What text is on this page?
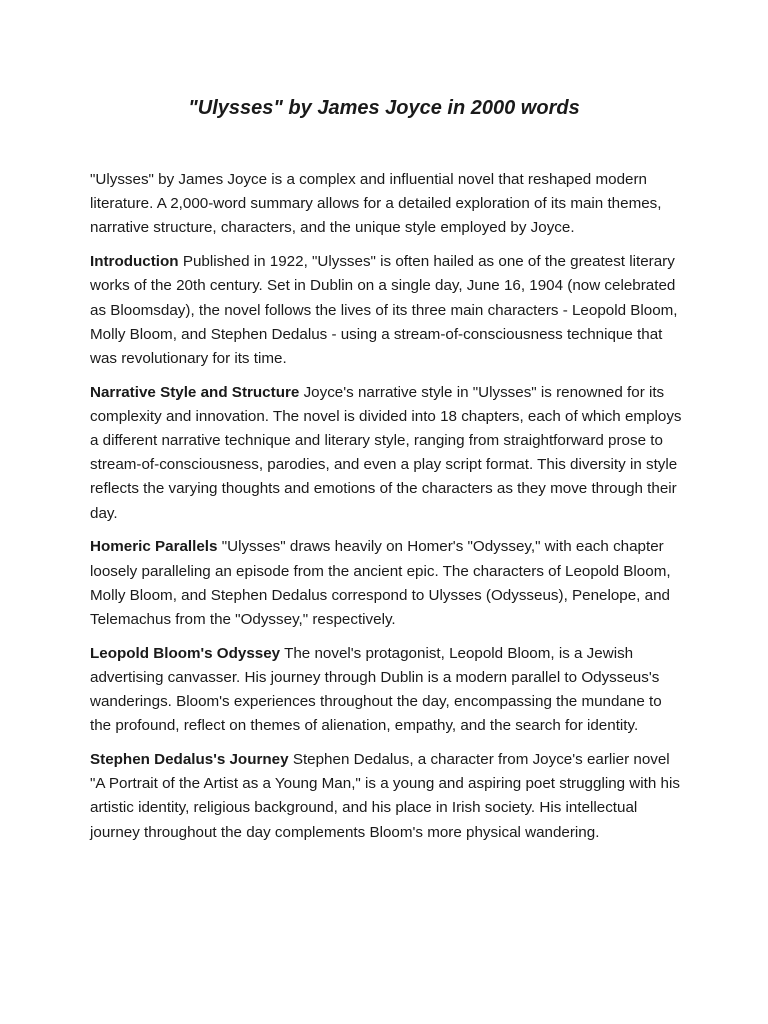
"Ulysses" by James Joyce in 2000 words

"Ulysses" by James Joyce is a complex and influential novel that reshaped modern literature. A 2,000-word summary allows for a detailed exploration of its main themes, narrative structure, characters, and the unique style employed by Joyce.

Introduction Published in 1922, "Ulysses" is often hailed as one of the greatest literary works of the 20th century. Set in Dublin on a single day, June 16, 1904 (now celebrated as Bloomsday), the novel follows the lives of its three main characters - Leopold Bloom, Molly Bloom, and Stephen Dedalus - using a stream-of-consciousness technique that was revolutionary for its time.

Narrative Style and Structure Joyce's narrative style in "Ulysses" is renowned for its complexity and innovation. The novel is divided into 18 chapters, each of which employs a different narrative technique and literary style, ranging from straightforward prose to stream-of-consciousness, parodies, and even a play script format. This diversity in style reflects the varying thoughts and emotions of the characters as they move through their day.

Homeric Parallels "Ulysses" draws heavily on Homer's "Odyssey," with each chapter loosely paralleling an episode from the ancient epic. The characters of Leopold Bloom, Molly Bloom, and Stephen Dedalus correspond to Ulysses (Odysseus), Penelope, and Telemachus from the "Odyssey," respectively.

Leopold Bloom's Odyssey The novel's protagonist, Leopold Bloom, is a Jewish advertising canvasser. His journey through Dublin is a modern parallel to Odysseus's wanderings. Bloom's experiences throughout the day, encompassing the mundane to the profound, reflect on themes of alienation, empathy, and the search for identity.

Stephen Dedalus's Journey Stephen Dedalus, a character from Joyce's earlier novel "A Portrait of the Artist as a Young Man," is a young and aspiring poet struggling with his artistic identity, religious background, and his place in Irish society. His intellectual journey throughout the day complements Bloom's more physical wandering.
